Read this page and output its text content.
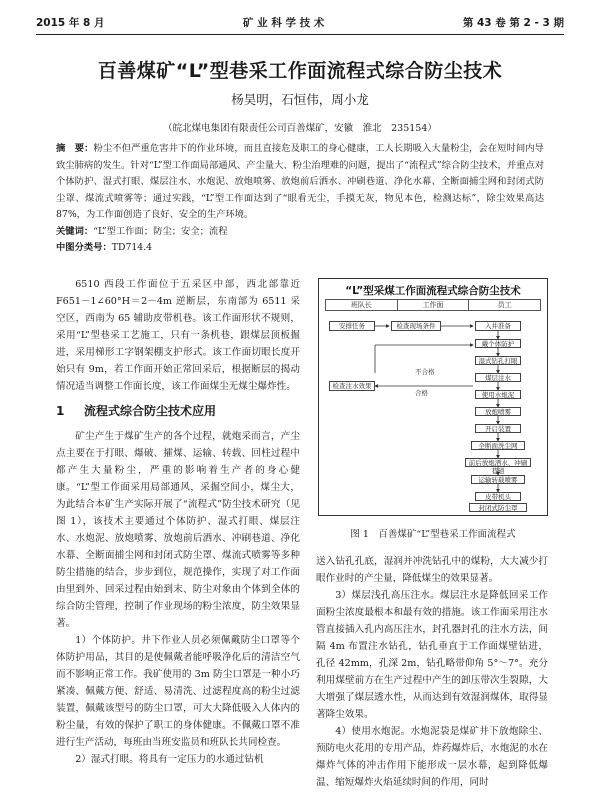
2015 年 8 月	矿 业 科 学 技 术	第 43 卷 第 2 - 3 期
百善煤矿“L”型巷采工作面流程式综合防尘技术
杨昊明，石恒伟，周小龙
（皖北煤电集团有限责任公司百善煤矿，安徽　淮北　235154）
摘　要：粉尘不但严重危害井下的作业环境，而且直接危及职工的身心健康，工人长期吸入大量粉尘，会在短时间内导致尘肺病的发生。针对“L”型工作面局部通风、产尘量大、粉尘治理难的问题，提出了“流程式”综合防尘技术，并重点对个体防护、湿式打眼、煤层注水、水炮泥、放炮喷雾、放炮前后洒水、冲刷巷道、净化水幕、全断面捕尘网和封闭式防尘罩、煤流式喷雾等；通过实践，“L”型工作面达到了“眼看无尘，手摸无灰，物见本色，检测达标”，除尘效果高达 87%，为工作面创造了良好、安全的生产环境。
关键词：“L”型工作面；防尘；安全；流程
中图分类号：TD714.4

6510 西段工作面位于五采区中部，西北部靠近 F651－1∠60°H＝2－4m 逆断层，东南部为 6511 采空区，西南为 65 辅助皮带机巷。该工作面形状不规则，采用“L”型巷采工艺施工，只有一条机巷，跟煤层顶板掘进，采用梯形工字钢架棚支护形式。该工作面切眼长度开始只有 9m，若工作面开始正常回采后，根据断层的揭动情况适当调整工作面长度，该工作面煤尘无煤尘爆炸性。

1 流程式综合防尘技术应用

矿尘产生于煤矿生产的各个过程，就炮采而言，产尘点主要在于打眼、爆破、攉煤、运输、转载、回柱过程中都产生大量粉尘，严重的影响着生产者的身心健康。“L”型工作面采用局部通风，采掘空间小，煤尘大，为此结合本矿生产实际开展了“流程式”防尘技术研究（见图 1），该技术主要通过个体防护、湿式打眼、煤层注水、水炮泥、放炮喷雾、放炮前后洒水、冲刷巷道、净化水幕、全断面捕尘网和封闭式防尘罩、煤流式喷雾等多种防尘措施的结合，步步到位，规范操作，实现了对工作面由里到外、回采过程由始到末、防尘对象由个体到全体的综合防尘管理，控制了作业现场的粉尘浓度，防尘效果显著。

1）个体防护。井下作业人员必须佩戴防尘口罩等个体防护用品，其目的是使佩戴者能呼吸净化后的清洁空气而不影响正常工作。我矿使用的 3m 防尘口罩是一种小巧紧凑、佩戴方便、舒适、易清洗、过滤程度高的粉尘过滤装置，佩戴该型号的防尘口罩，可大大降低吸入人体内的粉尘量，有效的保护了职工的身体健康。不佩戴口罩不准进行生产活动，每班由当班安监员和班队长共同检查。

2）湿式打眼。将具有一定压力的水通过钻机

“L”型采煤工作面流程式综合防尘技术
班队长	工作面	员工
安排任务	检查现场条件	入井准备
戴个体防护
湿式钻孔打眼
煤层注水
检查注水效果
不合格
合格	使用水炮泥
放炮喷雾
开启装置
全断面洗尘网
前后放炮洒水、冲刷巷道
运输转载喷雾
皮带机头
封闭式防尘罩
图 1　百善煤矿“L”型巷采工作面流程式

送入钻孔孔底，湿润并冲洗钻孔中的煤粉，大大减少打眼作业时的产尘量，降低煤尘的效果显著。

3）煤层浅孔高压注水。煤层注水是降低回采工作面粉尘浓度最根本和最有效的措施。该工作面采用注水管直接插入孔内高压注水，封孔器封孔的注水方法，间隔 4m 布置注水钻孔，钻孔垂直于工作面煤壁钻进，孔径 42mm，孔深 2m，钻孔略带仰角 5°～7°。充分利用煤壁前方在生产过程中产生的卸压带次生裂隙，大大增强了煤层透水性，从而达到有效湿润煤体，取得显著降尘效果。

4）使用水炮泥。水炮泥袋是煤矿井下放炮除尘、预防电火花用的专用产品，炸药爆炸后，水炮泥的水在爆炸气体的冲击作用下能形成一层水幕，起到降低爆温、缩短爆炸火焰延续时间的作用，同时
